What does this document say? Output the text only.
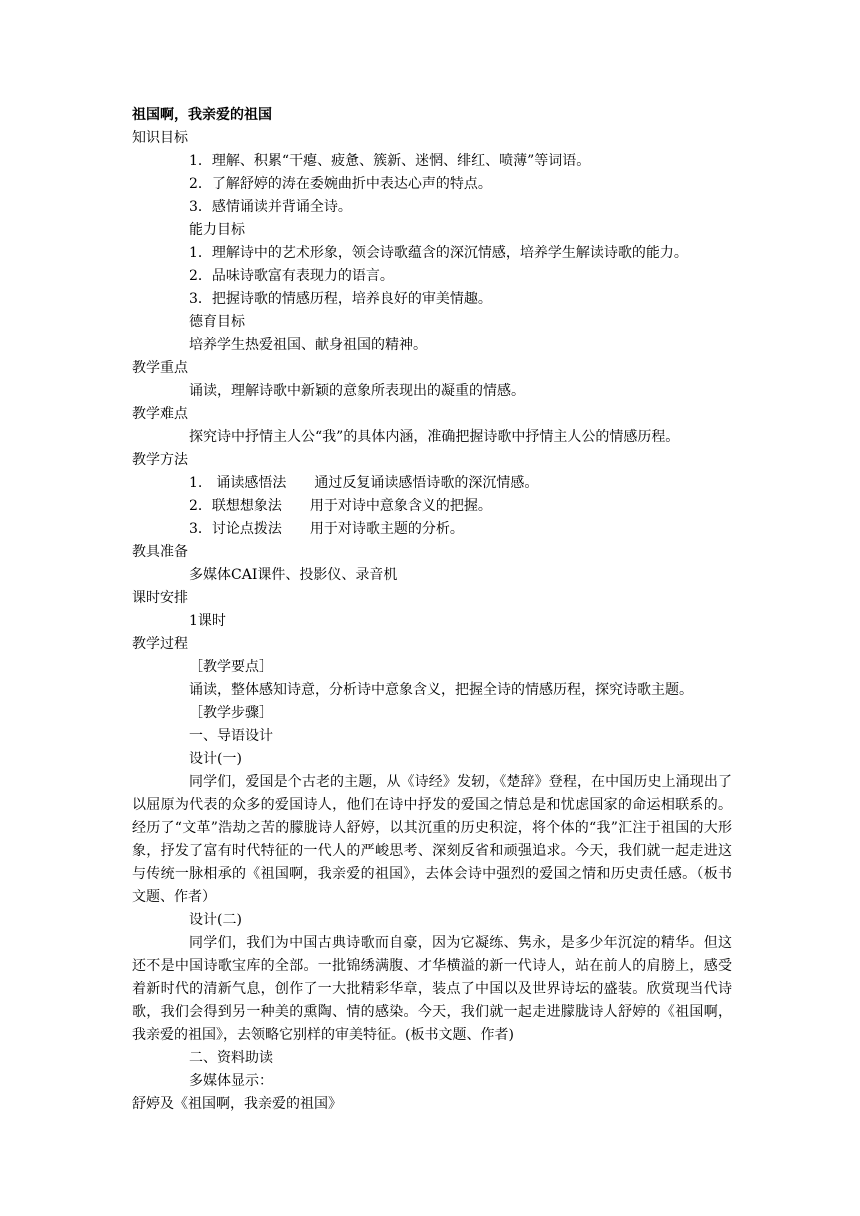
祖国啊，我亲爱的祖国

知识目标

1．理解、积累“干瘪、疲惫、簇新、迷惘、绯红、喷薄”等词语。

2．了解舒婷的涛在委婉曲折中表达心声的特点。

3．感情诵读并背诵全诗。

能力目标

1．理解诗中的艺术形象，领会诗歌蕴含的深沉情感，培养学生解读诗歌的能力。

2．品味诗歌富有表现力的语言。

3．把握诗歌的情感历程，培养良好的审美情趣。

德育目标

培养学生热爱祖国、献身祖国的精神。

教学重点

诵读，理解诗歌中新颖的意象所表现出的凝重的情感。

教学难点

探究诗中抒情主人公“我”的具体内涵，准确把握诗歌中抒情主人公的情感历程。

教学方法

1.　诵读感悟法　　通过反复诵读感悟诗歌的深沉情感。

2．联想想象法　　用于对诗中意象含义的把握。

3．讨论点拨法　　用于对诗歌主题的分析。

教具准备

多媒体CAI课件、投影仪、录音机

课时安排

1课时

教学过程

［教学要点］

诵读，整体感知诗意，分析诗中意象含义，把握全诗的情感历程，探究诗歌主题。

［教学步骤］

一、导语设计

设计(一)

同学们，爱国是个古老的主题，从《诗经》发轫，《楚辞》登程，在中国历史上涌现出了以屈原为代表的众多的爱国诗人，他们在诗中抒发的爱国之情总是和忧虑国家的命运相联系的。经历了“文革”浩劫之苦的朦胧诗人舒婷，以其沉重的历史积淀，将个体的“我”汇注于祖国的大形象，抒发了富有时代特征的一代人的严峻思考、深刻反省和顽强追求。今天，我们就一起走进这与传统一脉相承的《祖国啊，我亲爱的祖国》，去体会诗中强烈的爱国之情和历史责任感。（板书文题、作者）

设计(二)

同学们，我们为中国古典诗歌而自豪，因为它凝练、隽永，是多少年沉淀的精华。但这还不是中国诗歌宝库的全部。一批锦绣满腹、才华横溢的新一代诗人，站在前人的肩膀上，感受着新时代的清新气息，创作了一大批精彩华章，装点了中国以及世界诗坛的盛装。欣赏现当代诗歌，我们会得到另一种美的熏陶、情的感染。今天，我们就一起走进朦胧诗人舒婷的《祖国啊，我亲爱的祖国》，去领略它别样的审美特征。(板书文题、作者)

二、资料助读

多媒体显示：

舒婷及《祖国啊，我亲爱的祖国》
